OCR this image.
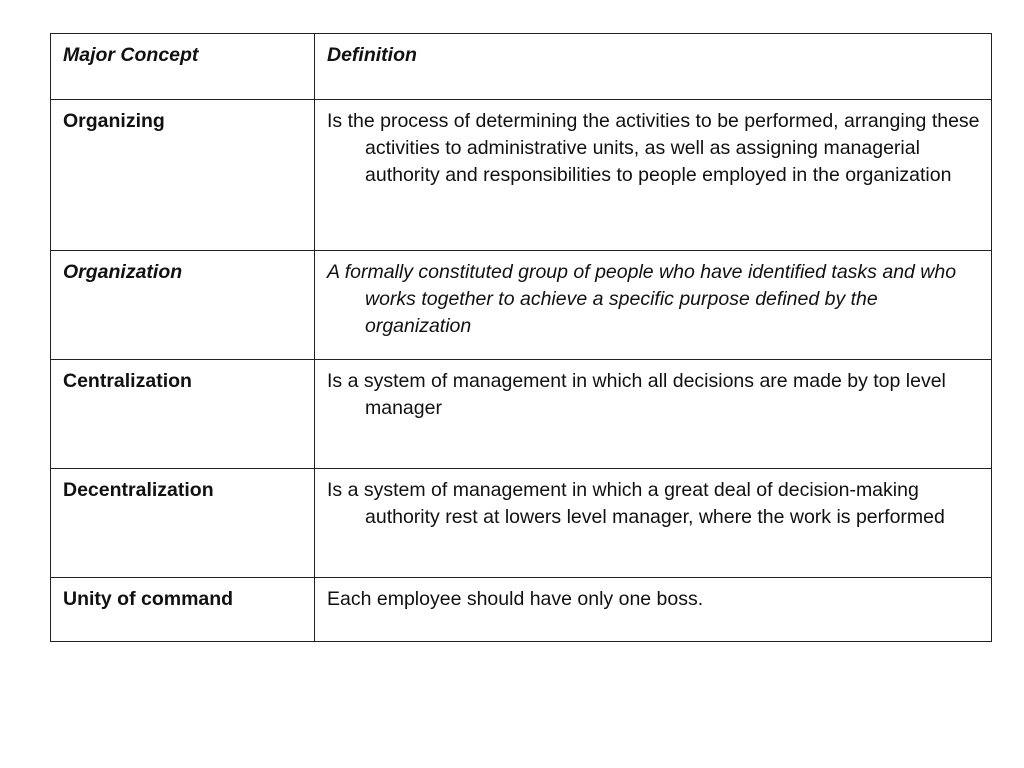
Major Concept	Definition
Organizing	Is the process of determining the activities to be performed, arranging these activities to administrative units, as well as assigning managerial authority and responsibilities to people employed in the organization

Organization	A formally constituted group of people who have identified tasks and who works together to achieve a specific purpose defined by the organization

Centralization	Is a system of management in which all decisions are made by top level manager

Decentralization	Is a system of management in which a great deal of decision-making authority rest at lowers level manager, where the work is performed

Unity of command	Each employee should have only one boss.
